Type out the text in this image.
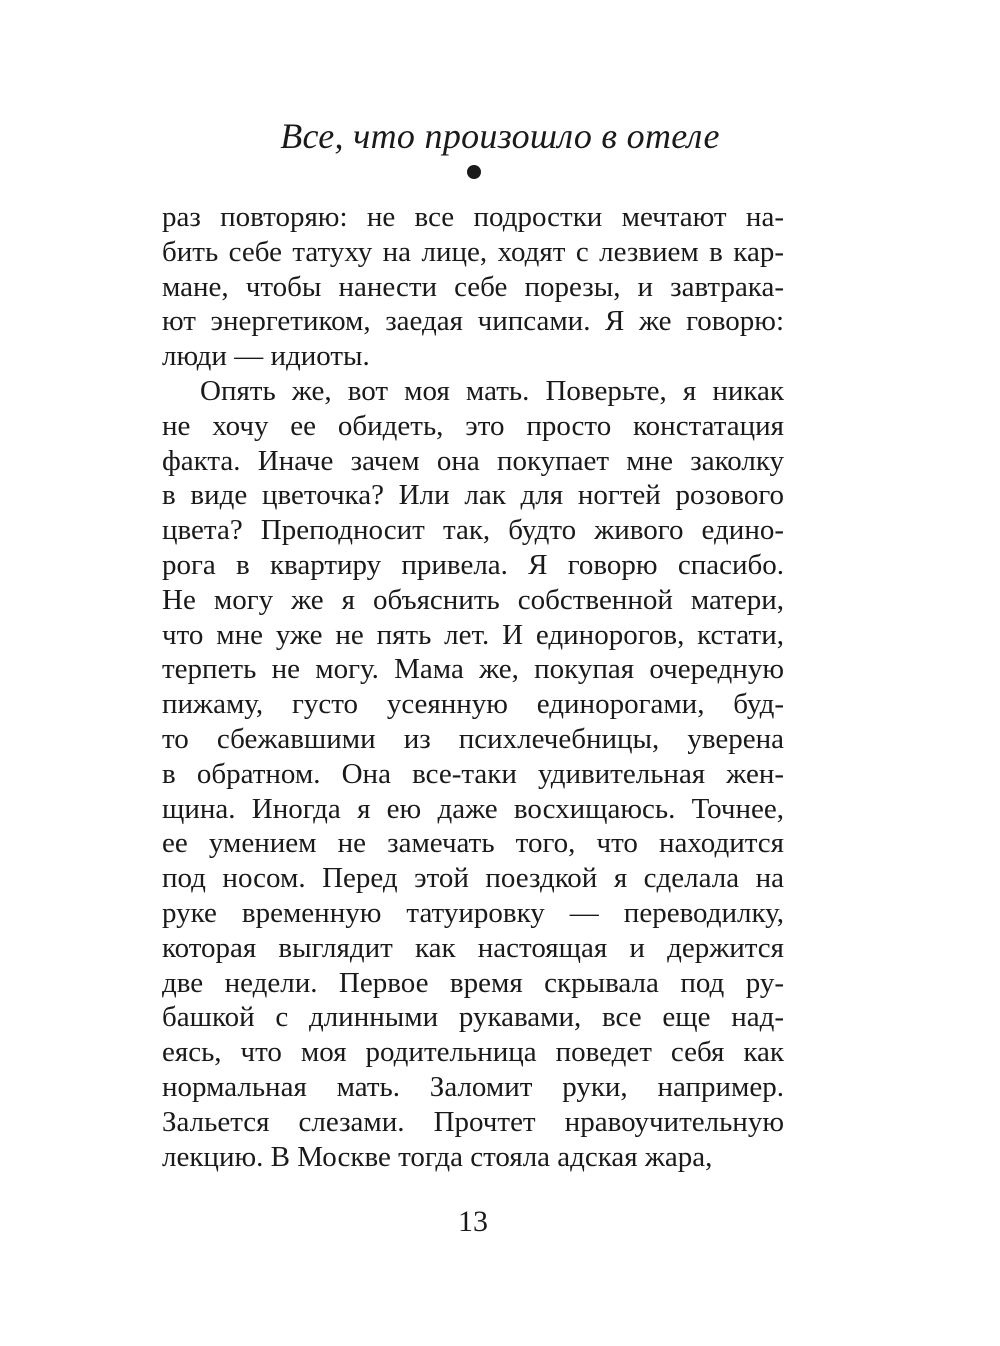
Все, что произошло в отеле
раз повторяю: не все подростки мечтают на-
бить себе татуху на лице, ходят с лезвием в кар-
мане, чтобы нанести себе порезы, и завтрака-
ют энергетиком, заедая чипсами. Я же говорю:
люди — идиоты.
Опять же, вот моя мать. Поверьте, я никак
не хочу ее обидеть, это просто констатация
факта. Иначе зачем она покупает мне заколку
в виде цветочка? Или лак для ногтей розового
цвета? Преподносит так, будто живого едино-
рога в квартиру привела. Я говорю спасибо.
Не могу же я объяснить собственной матери,
что мне уже не пять лет. И единорогов, кстати,
терпеть не могу. Мама же, покупая очередную
пижаму, густо усеянную единорогами, буд-
то сбежавшими из психлечебницы, уверена
в обратном. Она все-таки удивительная жен-
щина. Иногда я ею даже восхищаюсь. Точнее,
ее умением не замечать того, что находится
под носом. Перед этой поездкой я сделала на
руке временную татуировку — переводилку,
которая выглядит как настоящая и держится
две недели. Первое время скрывала под ру-
башкой с длинными рукавами, все еще над-
еясь, что моя родительница поведет себя как
нормальная мать. Заломит руки, например.
Зальется слезами. Прочтет нравоучительную
лекцию. В Москве тогда стояла адская жара,
13
